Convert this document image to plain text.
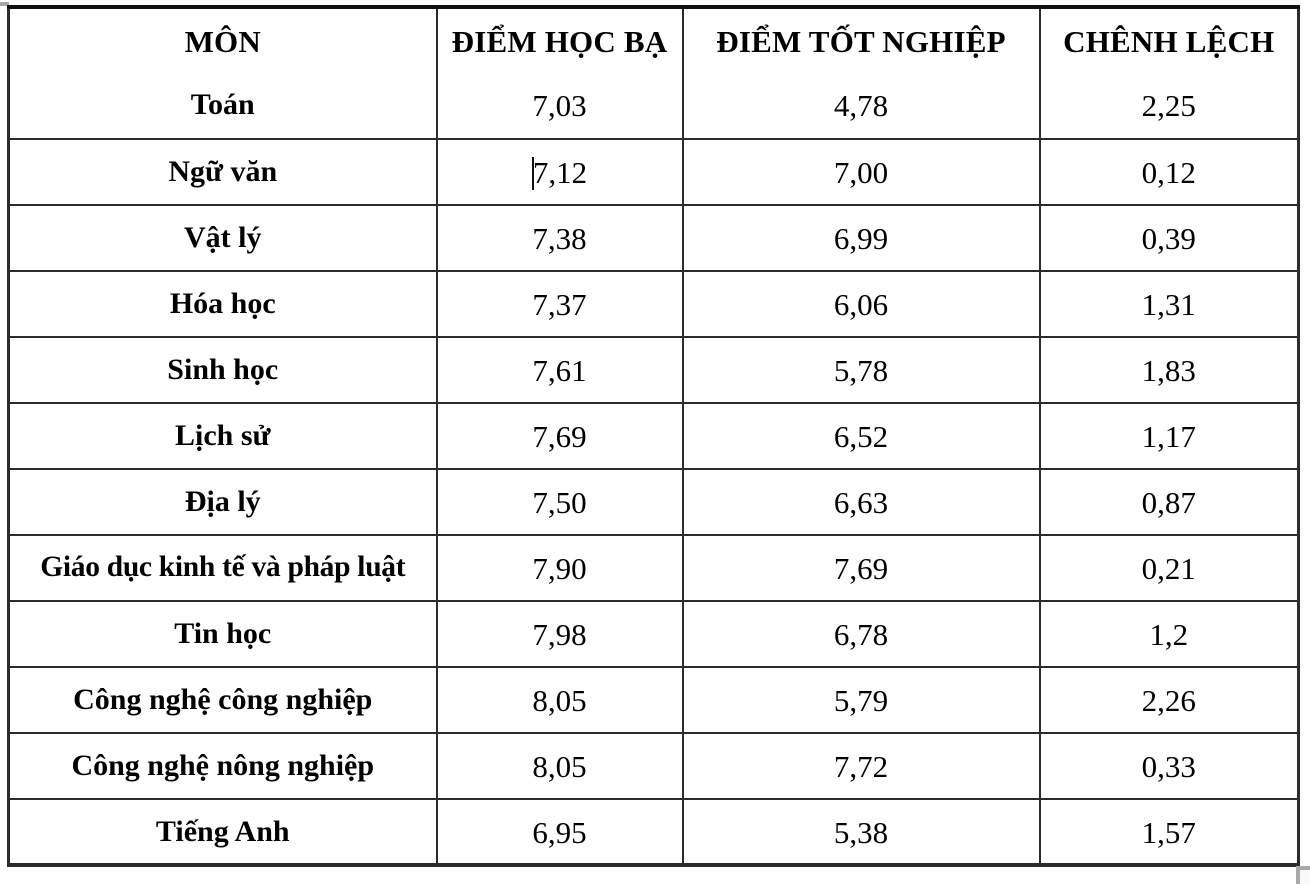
MÔN	ĐIỂM HỌC BẠ	ĐIỂM TỐT NGHIỆP	CHÊNH LỆCH

Toán	7,03	4,78	2,25

Ngữ văn	7,12	7,00	0,12

Vật lý	7,38	6,99	0,39

Hóa học	7,37	6,06	1,31

Sinh học	7,61	5,78	1,83

Lịch sử	7,69	6,52	1,17

Địa lý	7,50	6,63	0,87

Giáo dục kinh tế và pháp luật	7,90	7,69	0,21

Tin học	7,98	6,78	1,2

Công nghệ công nghiệp	8,05	5,79	2,26

Công nghệ nông nghiệp	8,05	7,72	0,33

Tiếng Anh	6,95	5,38	1,57
